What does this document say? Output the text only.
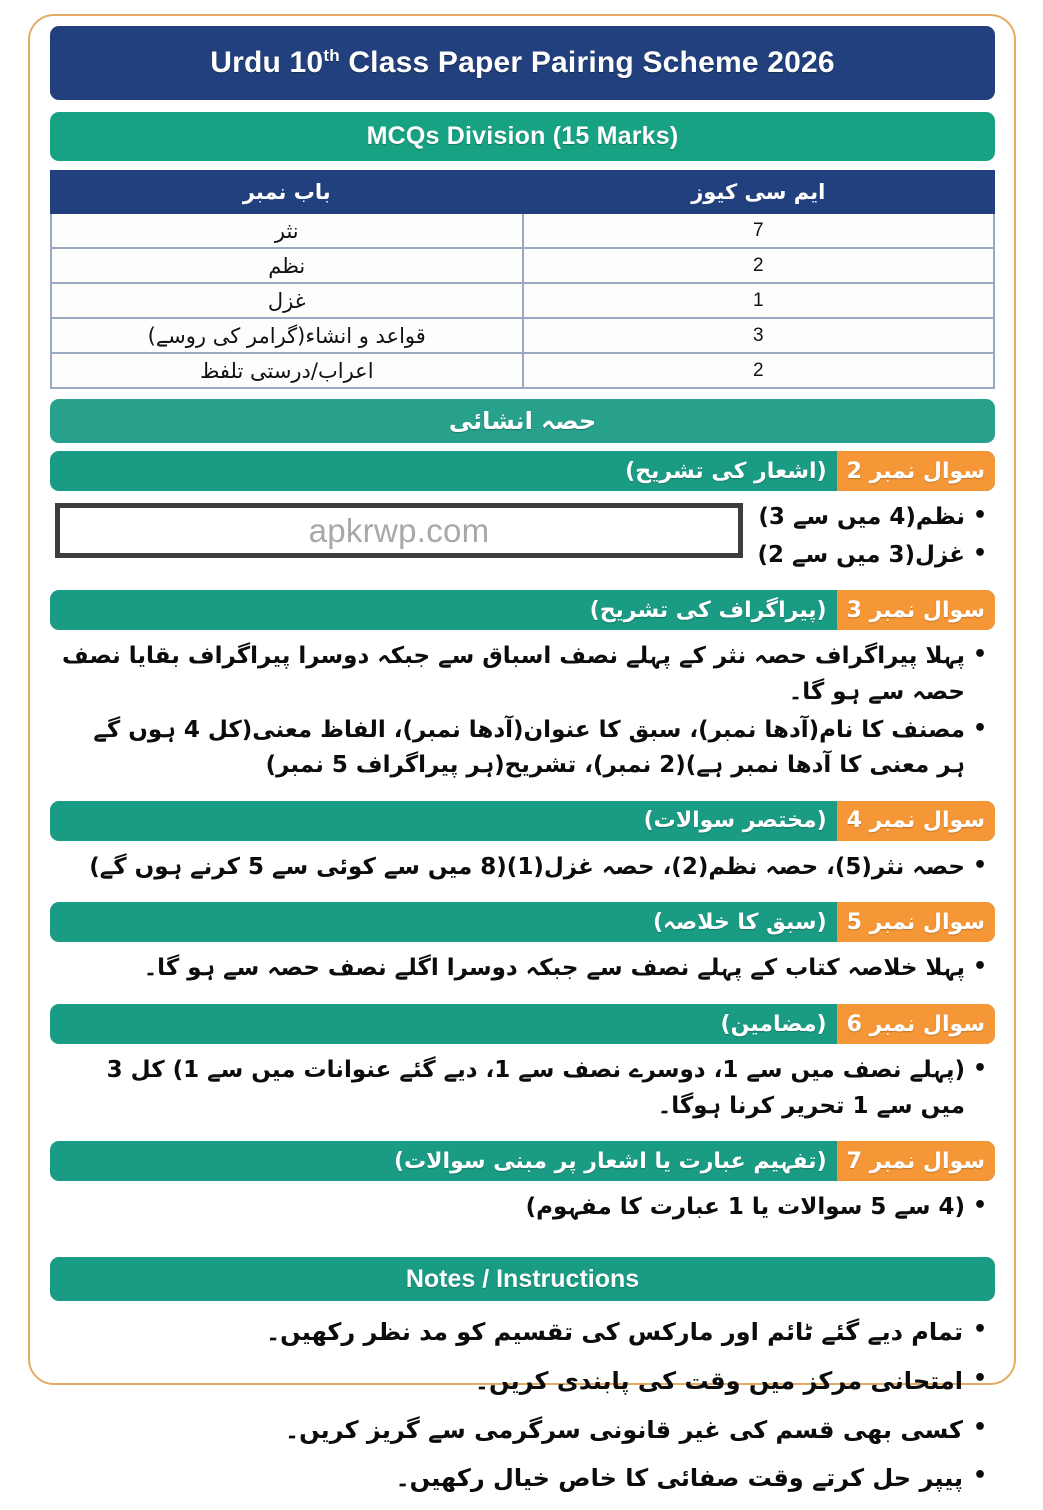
Urdu 10th Class Paper Pairing Scheme 2026
MCQs Division (15 Marks)
ایم سی کیوز	باب نمبر
7	نثر
2	نظم
1	غزل
3	قواعد و انشاء(گرامر کی روسے)
2	اعراب/درستی تلفظ
حصہ انشائی
سوال نمبر 2
(اشعار کی تشریح)
• نظم(4 میں سے 3)
• غزل(3 میں سے 2)
apkrwp.com
سوال نمبر 3
(پیراگراف کی تشریح)
• پہلا پیراگراف حصہ نثر کے پہلے نصف اسباق سے جبکہ دوسرا پیراگراف بقایا نصف حصہ سے ہو گا۔
• مصنف کا نام(آدھا نمبر)، سبق کا عنوان(آدھا نمبر)، الفاظ معنی(کل 4 ہوں گے ہر معنی کا آدھا نمبر ہے)(2 نمبر)، تشریح(ہر پیراگراف 5 نمبر)
سوال نمبر 4
(مختصر سوالات)
• حصہ نثر(5)، حصہ نظم(2)، حصہ غزل(1)(8 میں سے کوئی سے 5 کرنے ہوں گے)
سوال نمبر 5
(سبق کا خلاصہ)
• پہلا خلاصہ کتاب کے پہلے نصف سے جبکہ دوسرا اگلے نصف حصہ سے ہو گا۔
سوال نمبر 6
(مضامین)
• (پہلے نصف میں سے 1، دوسرے نصف سے 1، دیے گئے عنوانات میں سے 1) کل 3 میں سے 1 تحریر کرنا ہوگا۔
سوال نمبر 7
(تفہیم عبارت یا اشعار پر مبنی سوالات)
• (4 سے 5 سوالات یا 1 عبارت کا مفہوم)
Notes / Instructions
• تمام دیے گئے ٹائم اور مارکس کی تقسیم کو مد نظر رکھیں۔
• امتحانی مرکز میں وقت کی پابندی کریں۔
• کسی بھی قسم کی غیر قانونی سرگرمی سے گریز کریں۔
• پیپر حل کرتے وقت صفائی کا خاص خیال رکھیں۔
